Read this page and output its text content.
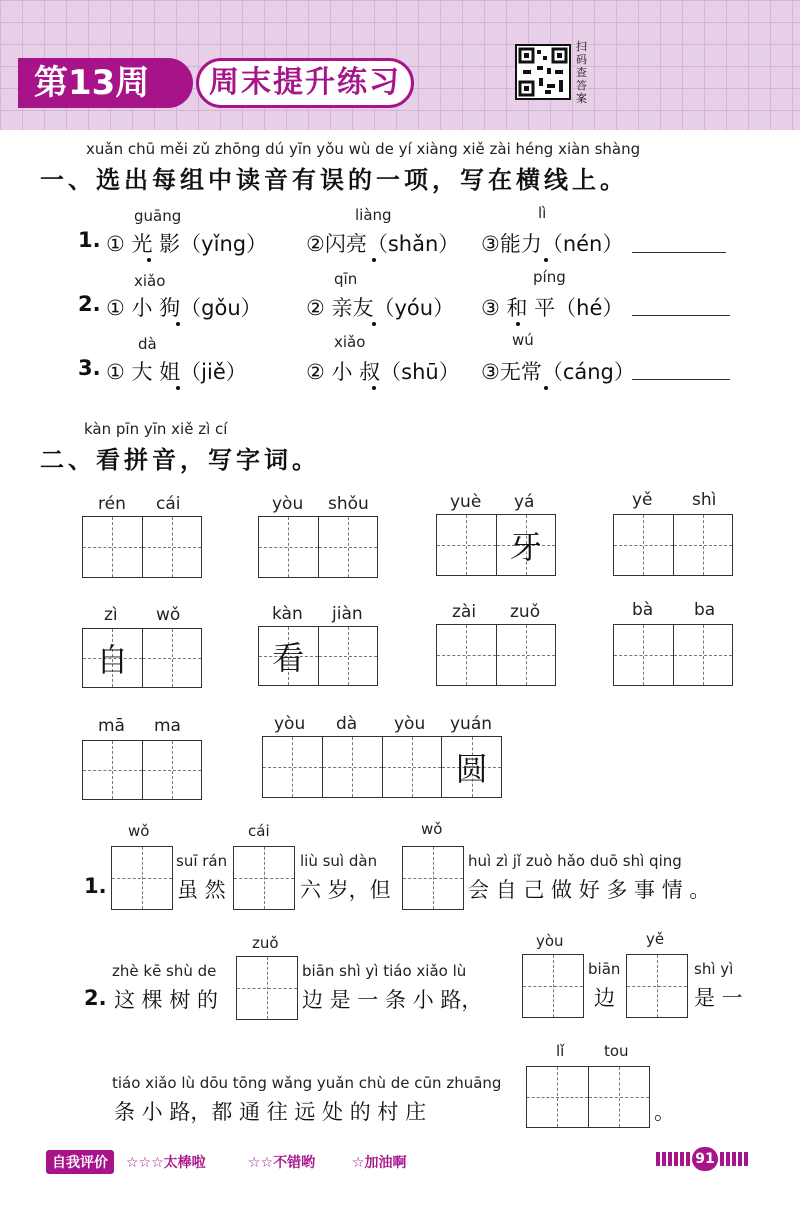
第13周	周末提升练习
扫码查答案
xuǎn chū měi zǔ zhōng dú yīn yǒu wù de yí xiàng xiě zài héng xiàn shàng
一、选出每组中读音有误的一项，写在横线上。
guāng	liàng	lì
1. ① 光 影（yǐng） ②闪亮（shǎn） ③能力（nén）
xiǎo	qīn	píng
2. ① 小 狗（gǒu） ② 亲友（yóu） ③ 和 平（hé）
dà	xiǎo	wú
3. ① 大 姐（jiě）	② 小 叔（shū） ③无常（cáng）
kàn pīn yīn xiě zì cí
二、看拼音，写字词。
rén cái	yòu shǒu	yuè yá
牙
yě shì
zì wǒ
自
kàn jiàn
看
zài zuǒ	bà ba
mā ma	yòu dà yòu yuán
圆
wǒ	cái	wǒ
1.
suī rán
虽 然
liù suì dàn
六 岁，但
huì zì jǐ zuò hǎo duō shì qing
会 自 己 做 好 多 事 情 。
zuǒ	yòu	yě
2.
zhè kē shù de
这 棵 树 的
biān shì yì tiáo xiǎo lù
边 是 一 条 小 路，
biān
边
shì yì
是 一
lǐ	tou
tiáo xiǎo lù dōu tōng wǎng yuǎn chù de cūn zhuāng
条 小 路，都 通 往 远 处 的 村 庄	。
自我评价	☆☆☆太棒啦	☆☆不错哟	☆加油啊	91
